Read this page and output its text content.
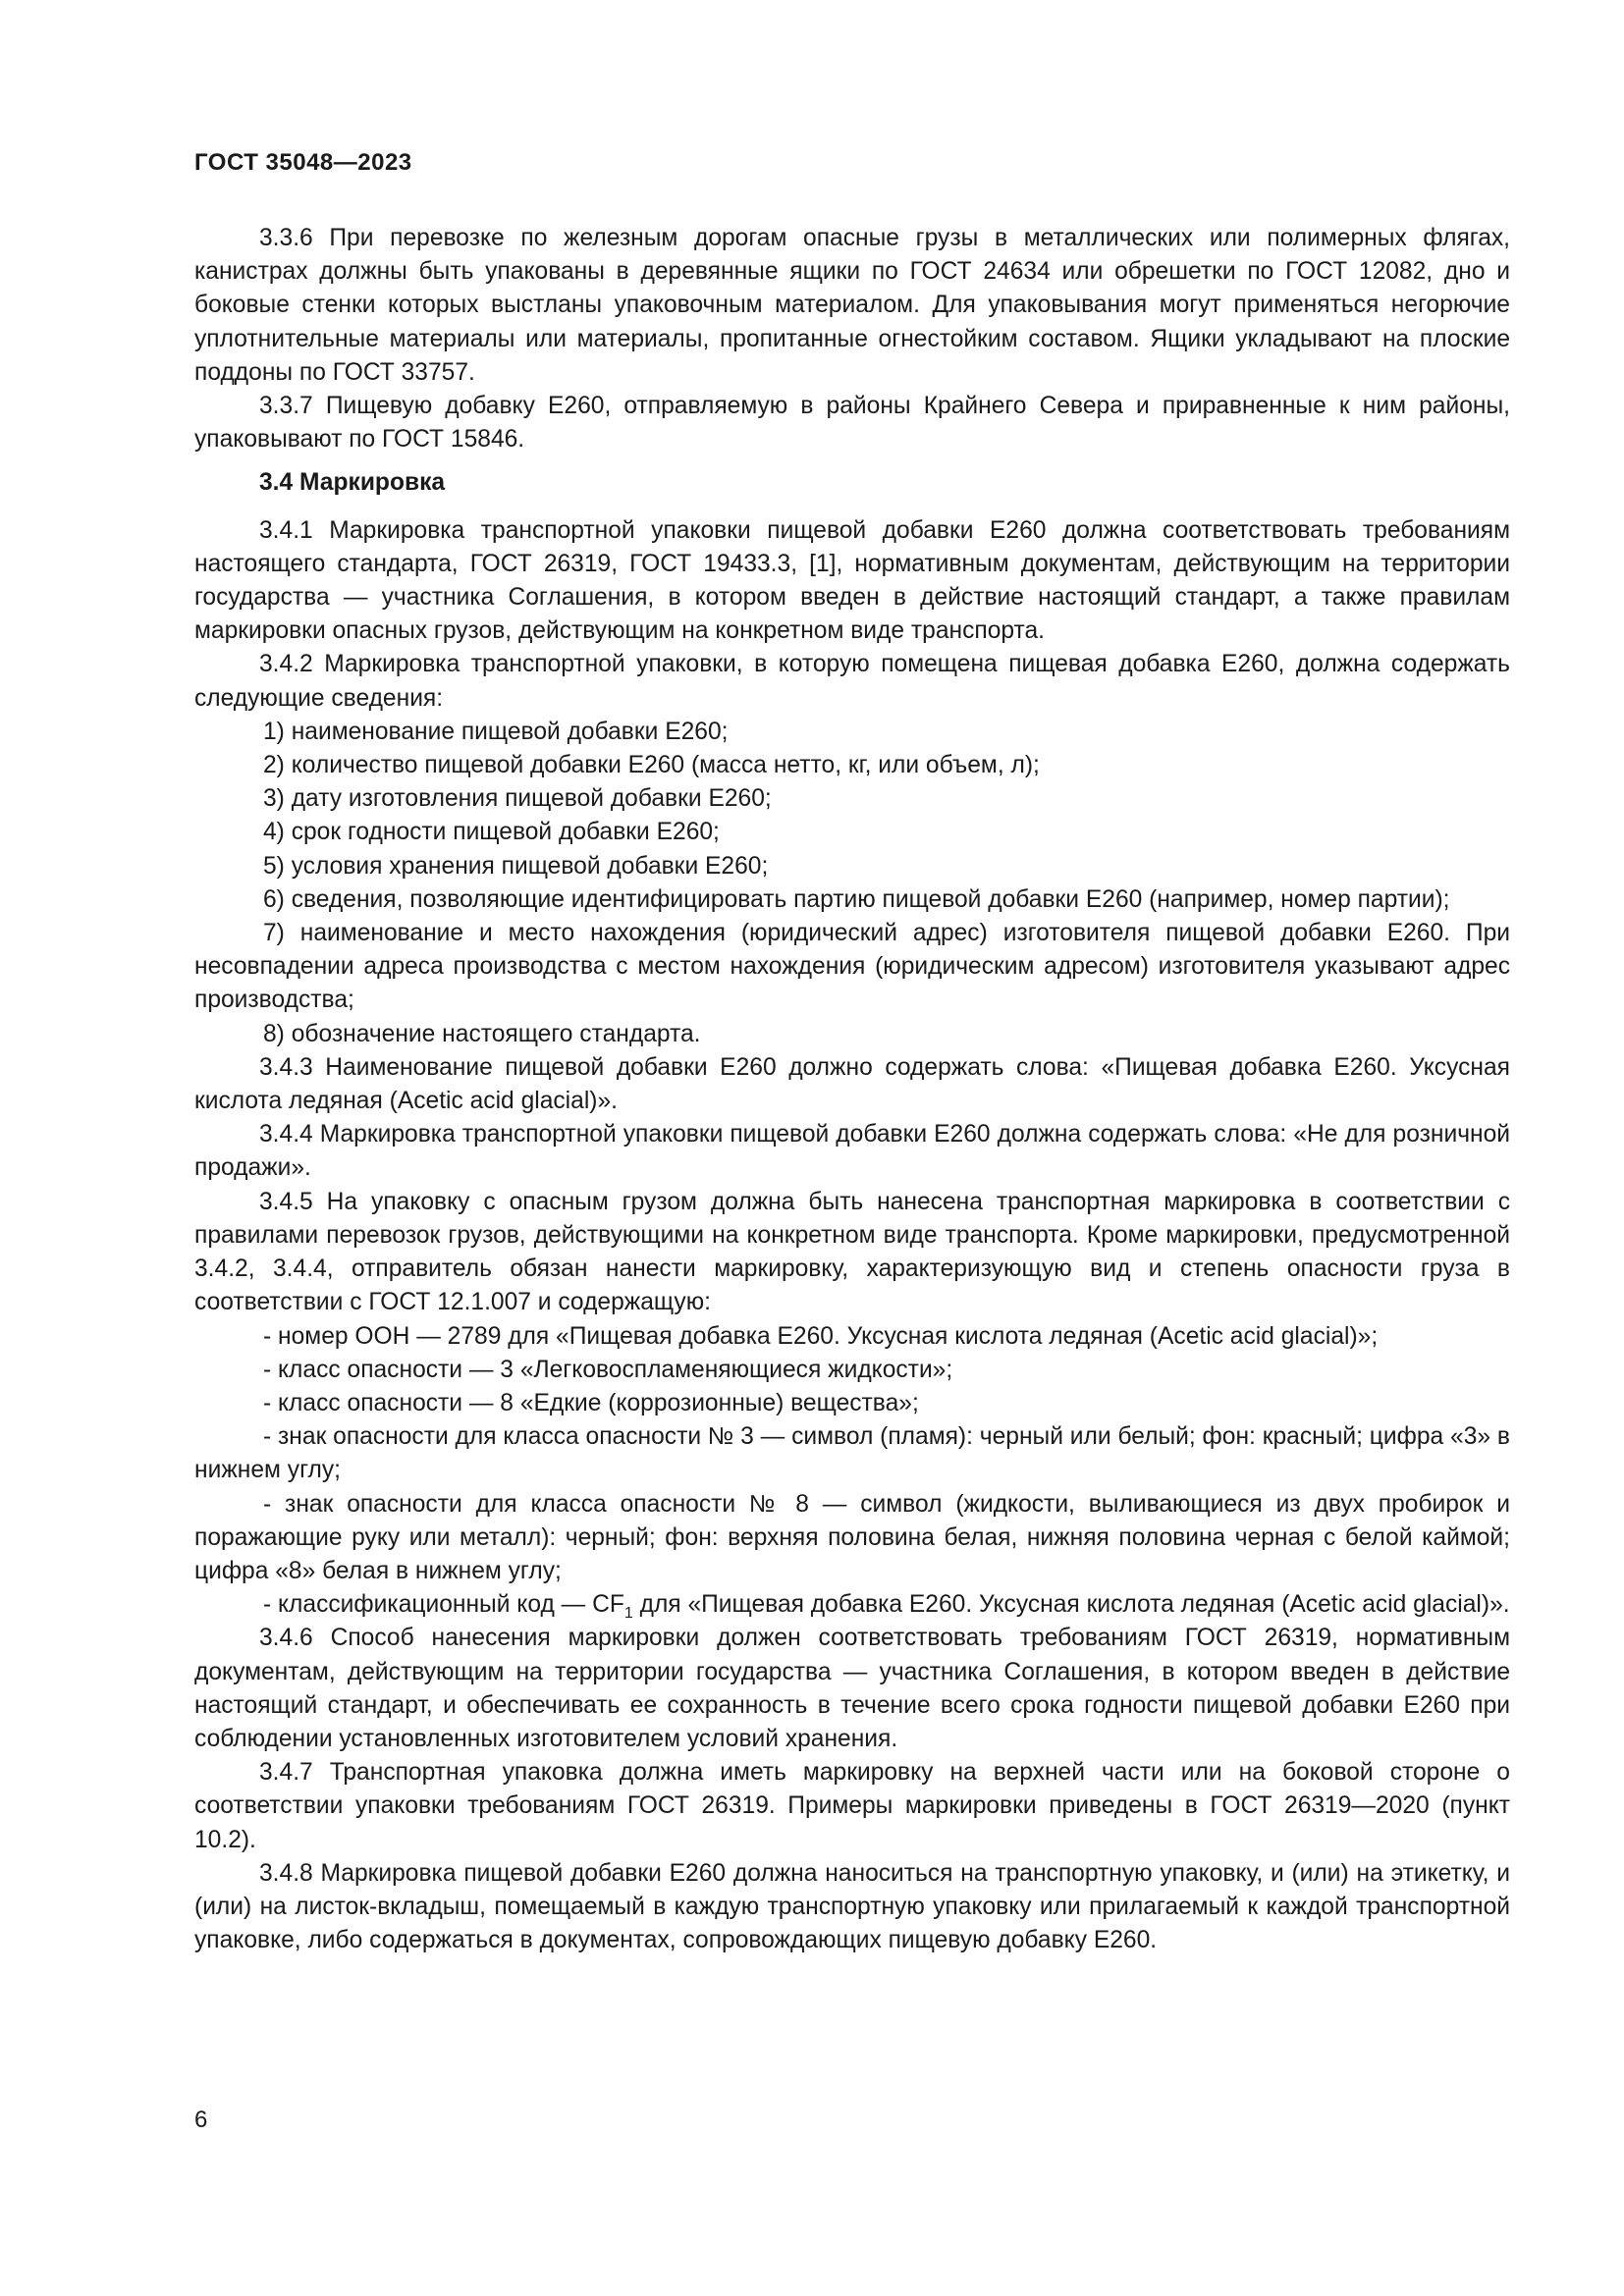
ГОСТ 35048—2023

3.3.6 При перевозке по железным дорогам опасные грузы в металлических или полимерных флягах, канистрах должны быть упакованы в деревянные ящики по ГОСТ 24634 или обрешетки по ГОСТ 12082, дно и боковые стенки которых выстланы упаковочным материалом. Для упаковывания могут применяться негорючие уплотнительные материалы или материалы, пропитанные огнестойким составом. Ящики укладывают на плоские поддоны по ГОСТ 33757.

3.3.7 Пищевую добавку Е260, отправляемую в районы Крайнего Севера и приравненные к ним районы, упаковывают по ГОСТ 15846.

3.4 Маркировка

3.4.1 Маркировка транспортной упаковки пищевой добавки Е260 должна соответствовать требованиям настоящего стандарта, ГОСТ 26319, ГОСТ 19433.3, [1], нормативным документам, действующим на территории государства — участника Соглашения, в котором введен в действие настоящий стандарт, а также правилам маркировки опасных грузов, действующим на конкретном виде транспорта.

3.4.2 Маркировка транспортной упаковки, в которую помещена пищевая добавка Е260, должна содержать следующие сведения:

1) наименование пищевой добавки Е260;

2) количество пищевой добавки Е260 (масса нетто, кг, или объем, л);

3) дату изготовления пищевой добавки Е260;

4) срок годности пищевой добавки Е260;

5) условия хранения пищевой добавки Е260;

6) сведения, позволяющие идентифицировать партию пищевой добавки Е260 (например, номер партии);

7) наименование и место нахождения (юридический адрес) изготовителя пищевой добавки Е260. При несовпадении адреса производства с местом нахождения (юридическим адресом) изготовителя указывают адрес производства;

8) обозначение настоящего стандарта.

3.4.3 Наименование пищевой добавки Е260 должно содержать слова: «Пищевая добавка Е260. Уксусная кислота ледяная (Acetic acid glacial)».

3.4.4 Маркировка транспортной упаковки пищевой добавки Е260 должна содержать слова: «Не для розничной продажи».

3.4.5 На упаковку с опасным грузом должна быть нанесена транспортная маркировка в соответствии с правилами перевозок грузов, действующими на конкретном виде транспорта. Кроме маркировки, предусмотренной 3.4.2, 3.4.4, отправитель обязан нанести маркировку, характеризующую вид и степень опасности груза в соответствии с ГОСТ 12.1.007 и содержащую:

- номер ООН — 2789 для «Пищевая добавка Е260. Уксусная кислота ледяная (Acetic acid glacial)»;

- класс опасности — 3 «Легковоспламеняющиеся жидкости»;

- класс опасности — 8 «Едкие (коррозионные) вещества»;

- знак опасности для класса опасности № 3 — символ (пламя): черный или белый; фон: красный; цифра «3» в нижнем углу;

- знак опасности для класса опасности № 8 — символ (жидкости, выливающиеся из двух пробирок и поражающие руку или металл): черный; фон: верхняя половина белая, нижняя половина черная с белой каймой; цифра «8» белая в нижнем углу;

- классификационный код — $CF_1$ для «Пищевая добавка Е260. Уксусная кислота ледяная (Acetic acid glacial)».

3.4.6 Способ нанесения маркировки должен соответствовать требованиям ГОСТ 26319, нормативным документам, действующим на территории государства — участника Соглашения, в котором введен в действие настоящий стандарт, и обеспечивать ее сохранность в течение всего срока годности пищевой добавки Е260 при соблюдении установленных изготовителем условий хранения.

3.4.7 Транспортная упаковка должна иметь маркировку на верхней части или на боковой стороне о соответствии упаковки требованиям ГОСТ 26319. Примеры маркировки приведены в ГОСТ 26319—2020 (пункт 10.2).

3.4.8 Маркировка пищевой добавки Е260 должна наноситься на транспортную упаковку, и (или) на этикетку, и (или) на листок-вкладыш, помещаемый в каждую транспортную упаковку или прилагаемый к каждой транспортной упаковке, либо содержаться в документах, сопровождающих пищевую добавку Е260.

6
